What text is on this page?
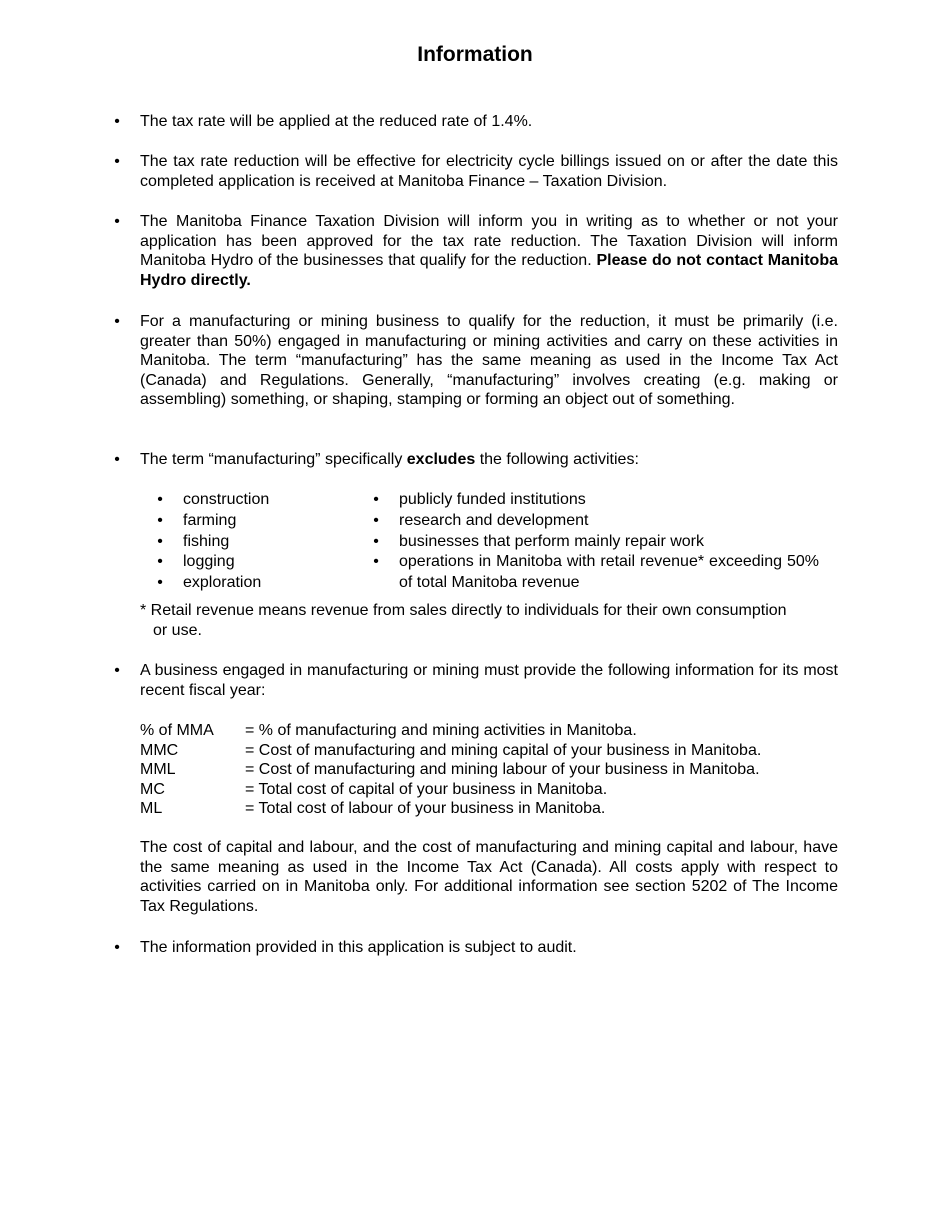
Information
• The tax rate will be applied at the reduced rate of 1.4%.
• The tax rate reduction will be effective for electricity cycle billings issued on or after the date this completed application is received at Manitoba Finance – Taxation Division.
• The Manitoba Finance Taxation Division will inform you in writing as to whether or not your application has been approved for the tax rate reduction. The Taxation Division will inform Manitoba Hydro of the businesses that qualify for the reduction. Please do not contact Manitoba Hydro directly.
• For a manufacturing or mining business to qualify for the reduction, it must be primarily (i.e. greater than 50%) engaged in manufacturing or mining activities and carry on these activities in Manitoba. The term “manufacturing” has the same meaning as used in the Income Tax Act (Canada) and Regulations. Generally, “manufacturing” involves creating (e.g. making or assembling) something, or shaping, stamping or forming an object out of something.
• The term “manufacturing” specifically excludes the following activities:
• construction
• farming
• fishing
• logging
• exploration
• publicly funded institutions
• research and development
• businesses that perform mainly repair work
• operations in Manitoba with retail revenue* exceeding 50% of total Manitoba revenue
* Retail revenue means revenue from sales directly to individuals for their own consumption
or use.
• A business engaged in manufacturing or mining must provide the following information for its most recent fiscal year:
% of MMA	= % of manufacturing and mining activities in Manitoba.
MMC	= Cost of manufacturing and mining capital of your business in Manitoba.
MML	= Cost of manufacturing and mining labour of your business in Manitoba.
MC	= Total cost of capital of your business in Manitoba.
ML	= Total cost of labour of your business in Manitoba.
The cost of capital and labour, and the cost of manufacturing and mining capital and labour, have the same meaning as used in the Income Tax Act (Canada). All costs apply with respect to activities carried on in Manitoba only. For additional information see section 5202 of The Income Tax Regulations.
• The information provided in this application is subject to audit.
